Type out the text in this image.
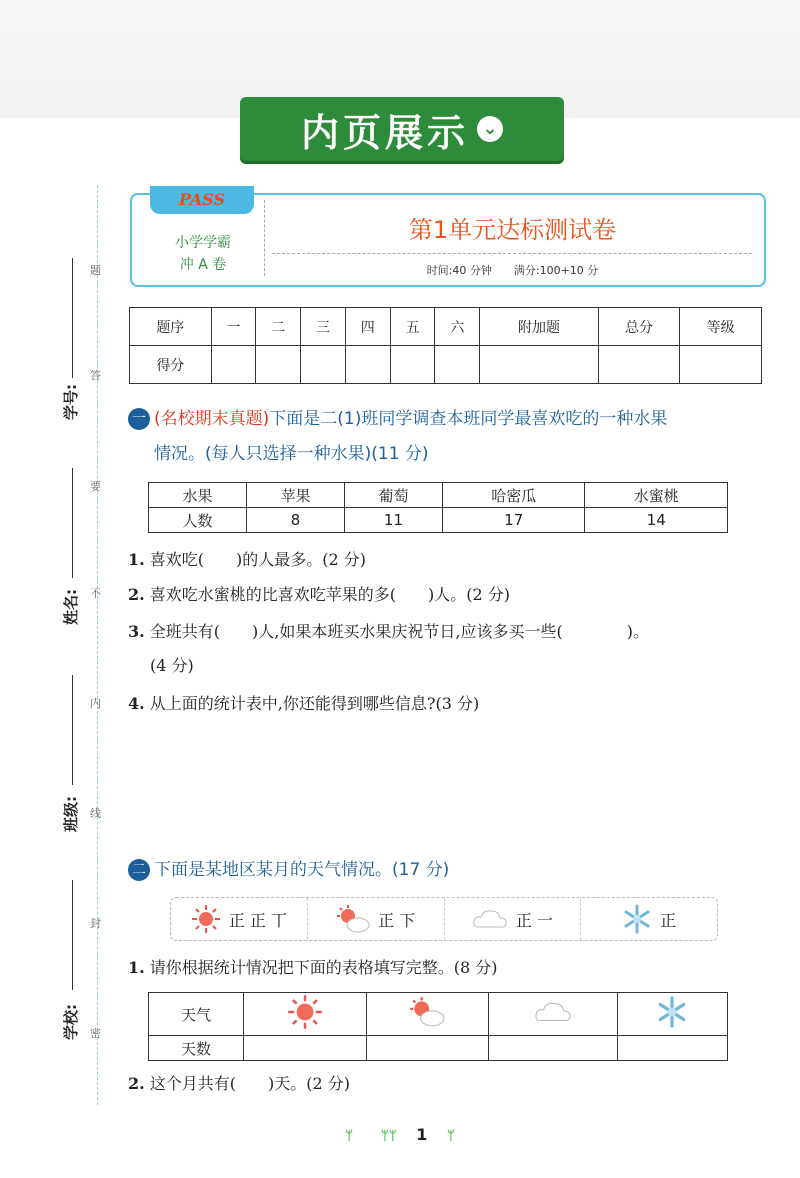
内页展示 ⌄
题
答
要
不
内
线
封
密
学号:
姓名:
班级:
学校:
PASS
小学学霸
冲 A 卷
第1单元达标测试卷
时间:40 分钟　　满分:100+10 分
题序	一	二	三	四	五	六	附加题	总分	等级
得分									
一 (名校期末真题)下面是二(1)班同学调查本班同学最喜欢吃的一种水果
情况。(每人只选择一种水果)(11 分)
水果	苹果	葡萄	哈密瓜	水蜜桃
人数	8	11	17	14
1. 喜欢吃(　　)的人最多。(2 分)
2. 喜欢吃水蜜桃的比喜欢吃苹果的多(　　)人。(2 分)
3. 全班共有(　　)人,如果本班买水果庆祝节日,应该多买一些(　　　　)。
(4 分)
4. 从上面的统计表中,你还能得到哪些信息?(3 分)
二 下面是某地区某月的天气情况。(17 分)
正 正 丅	正 下	正 一	正
1. 请你根据统计情况把下面的表格填写完整。(8 分)
天气				
天数				
2. 这个月共有(　　)天。(2 分)
ᛘ ᛘᛘ 1 ᛘ
